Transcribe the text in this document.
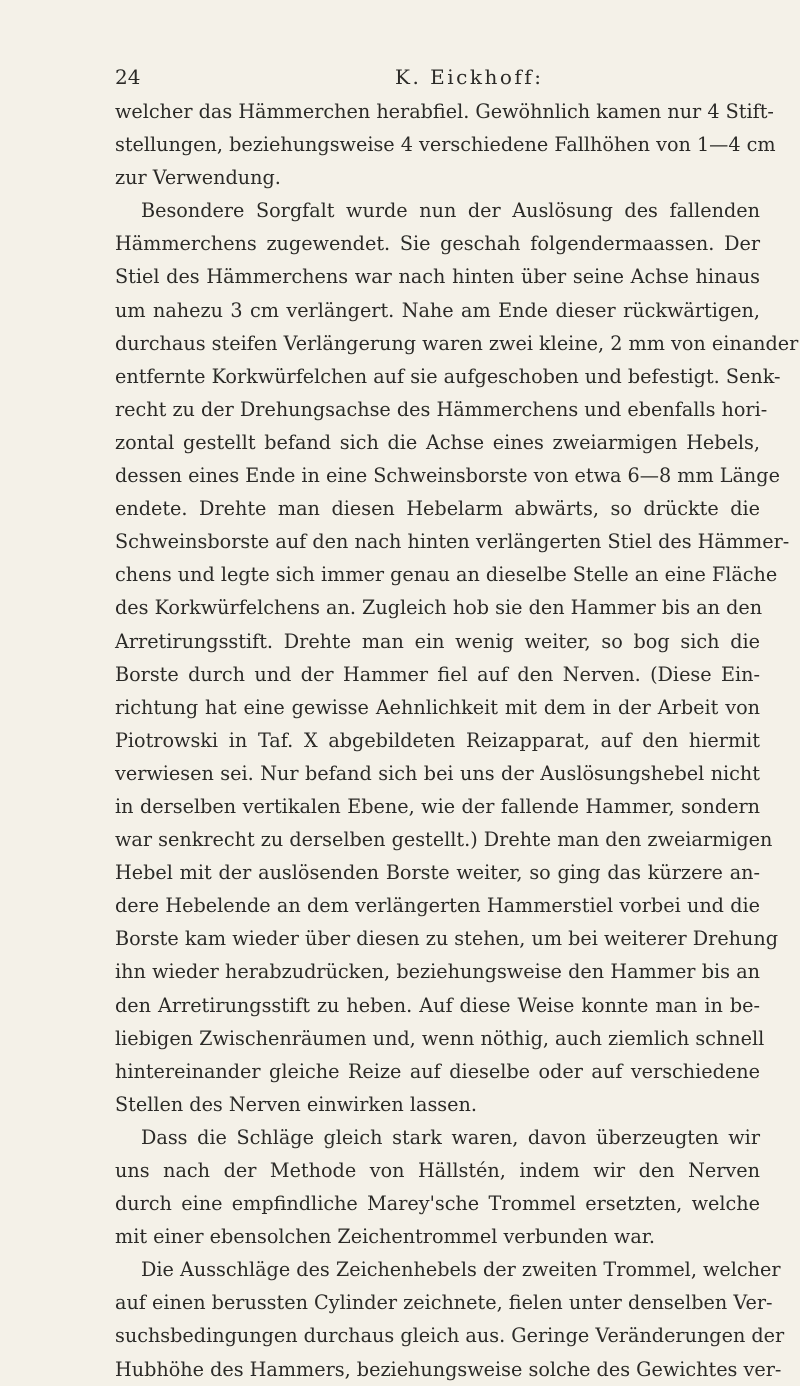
24	K. Eickhoff:

welcher das Hämmerchen herabfiel. Gewöhnlich kamen nur 4 Stift-
stellungen, beziehungsweise 4 verschiedene Fallhöhen von 1—4 cm
zur Verwendung.

Besondere Sorgfalt wurde nun der Auslösung des fallenden
Hämmerchens zugewendet. Sie geschah folgendermaassen. Der
Stiel des Hämmerchens war nach hinten über seine Achse hinaus
um nahezu 3 cm verlängert. Nahe am Ende dieser rückwärtigen,
durchaus steifen Verlängerung waren zwei kleine, 2 mm von einander
entfernte Korkwürfelchen auf sie aufgeschoben und befestigt. Senk-
recht zu der Drehungsachse des Hämmerchens und ebenfalls hori-
zontal gestellt befand sich die Achse eines zweiarmigen Hebels,
dessen eines Ende in eine Schweinsborste von etwa 6—8 mm Länge
endete. Drehte man diesen Hebelarm abwärts, so drückte die
Schweinsborste auf den nach hinten verlängerten Stiel des Hämmer-
chens und legte sich immer genau an dieselbe Stelle an eine Fläche
des Korkwürfelchens an. Zugleich hob sie den Hammer bis an den
Arretirungsstift. Drehte man ein wenig weiter, so bog sich die
Borste durch und der Hammer fiel auf den Nerven. (Diese Ein-
richtung hat eine gewisse Aehnlichkeit mit dem in der Arbeit von
Piotrowski in Taf. X abgebildeten Reizapparat, auf den hiermit
verwiesen sei. Nur befand sich bei uns der Auslösungshebel nicht
in derselben vertikalen Ebene, wie der fallende Hammer, sondern
war senkrecht zu derselben gestellt.) Drehte man den zweiarmigen
Hebel mit der auslösenden Borste weiter, so ging das kürzere an-
dere Hebelende an dem verlängerten Hammerstiel vorbei und die
Borste kam wieder über diesen zu stehen, um bei weiterer Drehung
ihn wieder herabzudrücken, beziehungsweise den Hammer bis an
den Arretirungsstift zu heben. Auf diese Weise konnte man in be-
liebigen Zwischenräumen und, wenn nöthig, auch ziemlich schnell
hintereinander gleiche Reize auf dieselbe oder auf verschiedene
Stellen des Nerven einwirken lassen.

Dass die Schläge gleich stark waren, davon überzeugten wir
uns nach der Methode von Hällstén, indem wir den Nerven
durch eine empfindliche Marey'sche Trommel ersetzten, welche
mit einer ebensolchen Zeichentrommel verbunden war.

Die Ausschläge des Zeichenhebels der zweiten Trommel, welcher
auf einen berussten Cylinder zeichnete, fielen unter denselben Ver-
suchsbedingungen durchaus gleich aus. Geringe Veränderungen der
Hubhöhe des Hammers, beziehungsweise solche des Gewichtes ver-
